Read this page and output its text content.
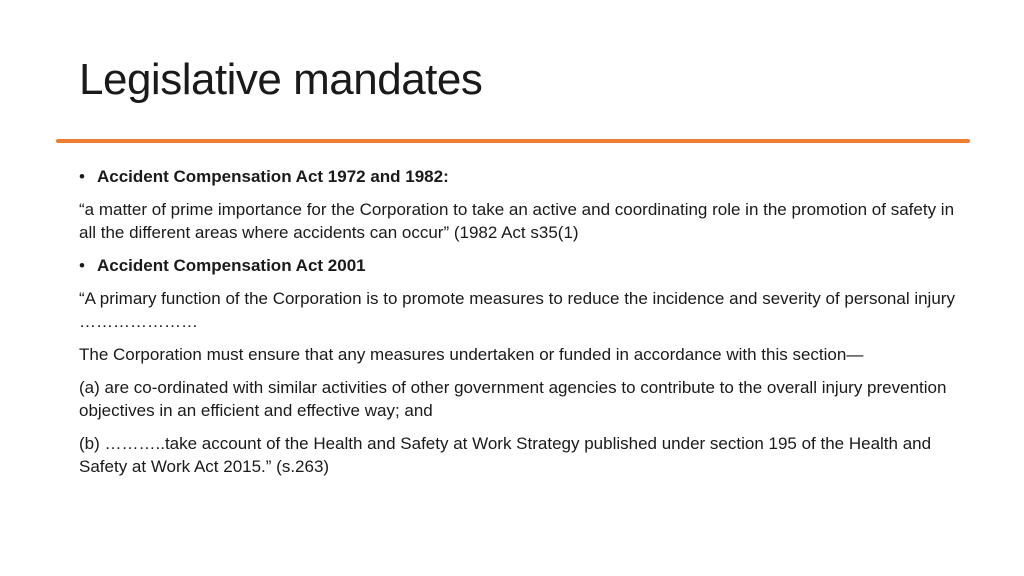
Legislative mandates
• Accident Compensation Act 1972 and 1982:

“a matter of prime importance for the Corporation to take an active and coordinating role in the promotion of safety in all the different areas where accidents can occur” (1982 Act s35(1)

• Accident Compensation Act 2001

“A primary function of the Corporation is to promote measures to reduce the incidence and severity of personal injury …………………

The Corporation must ensure that any measures undertaken or funded in accordance with this section—

(a) are co-ordinated with similar activities of other government agencies to contribute to the overall injury prevention objectives in an efficient and effective way; and

(b) ………..take account of the Health and Safety at Work Strategy published under section 195 of the Health and Safety at Work Act 2015.” (s.263)
